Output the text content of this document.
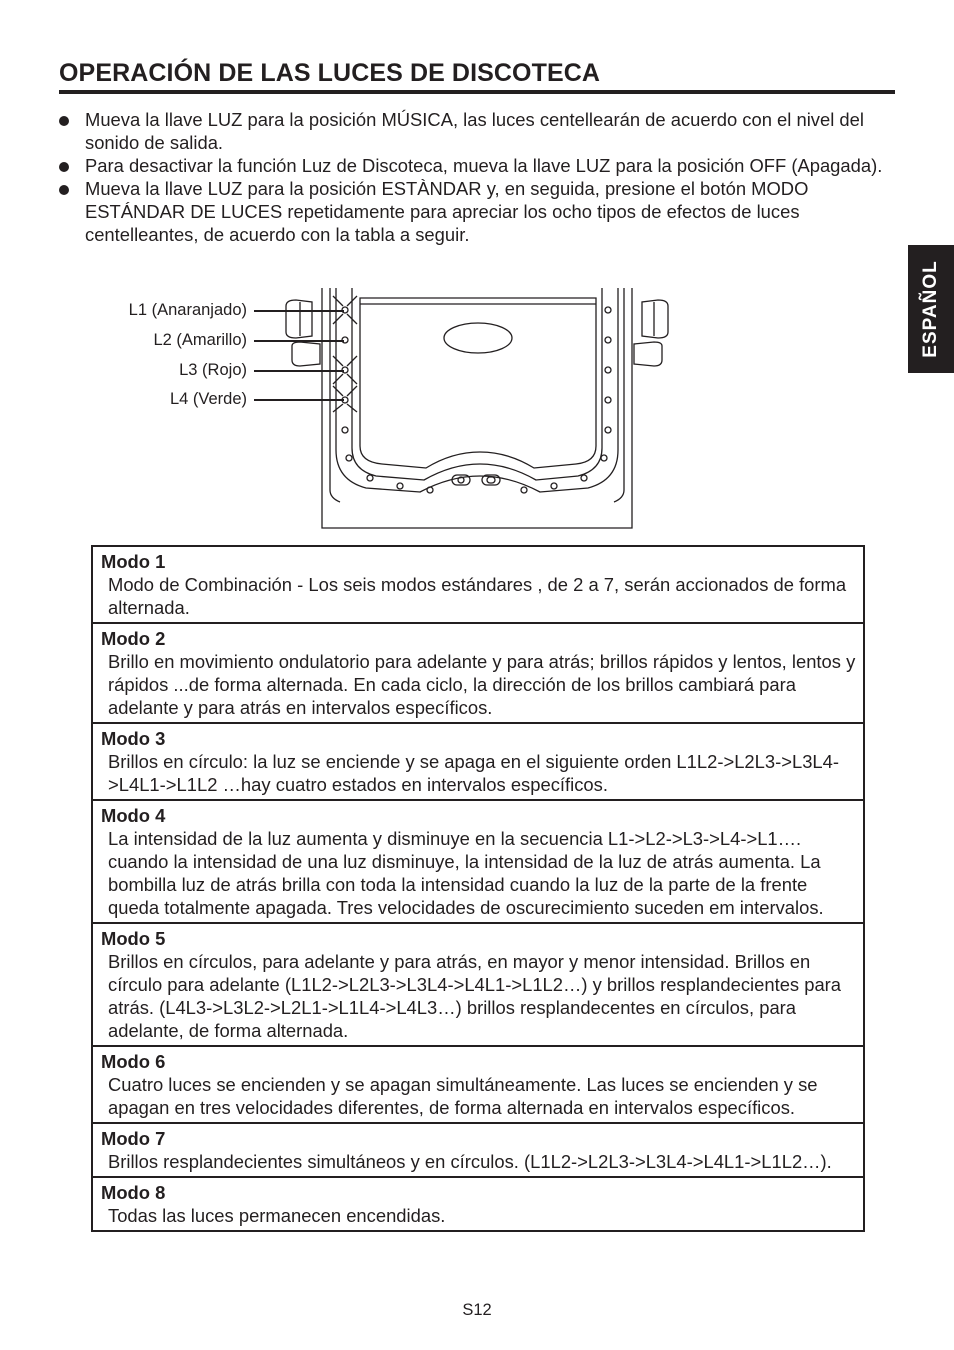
OPERACIÓN DE LAS LUCES DE DISCOTECA
Mueva la llave LUZ para la posición MÚSICA, las luces centellearán de acuerdo con el nivel del sonido de salida.
Para desactivar la función Luz de Discoteca, mueva la llave LUZ para la posición OFF (Apagada).
Mueva la llave LUZ para la posición ESTÀNDAR y, en seguida, presione el botón MODO ESTÁNDAR DE LUCES repetidamente para apreciar los ocho tipos de efectos de luces centelleantes, de acuerdo con la tabla a seguir.
ESPAÑOL
L1 (Anaranjado)
L2 (Amarillo)
L3 (Rojo)
L4 (Verde)
Modo 1
Modo de Combinación - Los seis modos estándares , de 2 a 7, serán accionados de forma alternada.
Modo 2
Brillo en movimiento ondulatorio para adelante y para atrás; brillos rápidos y lentos, lentos y rápidos ...de forma alternada. En cada ciclo, la dirección de los brillos cambiará para adelante y para atrás en intervalos específicos.
Modo 3
Brillos en círculo: la luz se enciende y se apaga en el siguiente orden L1L2->L2L3->L3L4->L4L1->L1L2 …hay cuatro estados en intervalos específicos.
Modo 4
La intensidad de la luz aumenta y disminuye en la secuencia L1->L2->L3->L4->L1…. cuando la intensidad de una luz disminuye, la intensidad de la luz de atrás aumenta. La bombilla luz de atrás brilla con toda la intensidad cuando la luz de la parte de la frente queda totalmente apagada. Tres velocidades de oscurecimiento suceden em intervalos.
Modo 5
Brillos en círculos, para adelante y para atrás, en mayor y menor intensidad. Brillos en círculo para adelante (L1L2->L2L3->L3L4->L4L1->L1L2…) y brillos resplandecientes para atrás. (L4L3->L3L2->L2L1->L1L4->L4L3…) brillos resplandecentes en círculos, para adelante, de forma alternada.
Modo 6
Cuatro luces se encienden y se apagan simultáneamente. Las luces se encienden y se apagan en tres velocidades diferentes, de forma alternada en intervalos específicos.
Modo 7
Brillos resplandecientes simultáneos y en círculos. (L1L2->L2L3->L3L4->L4L1->L1L2…).
Modo 8
Todas las luces permanecen encendidas.
S12
